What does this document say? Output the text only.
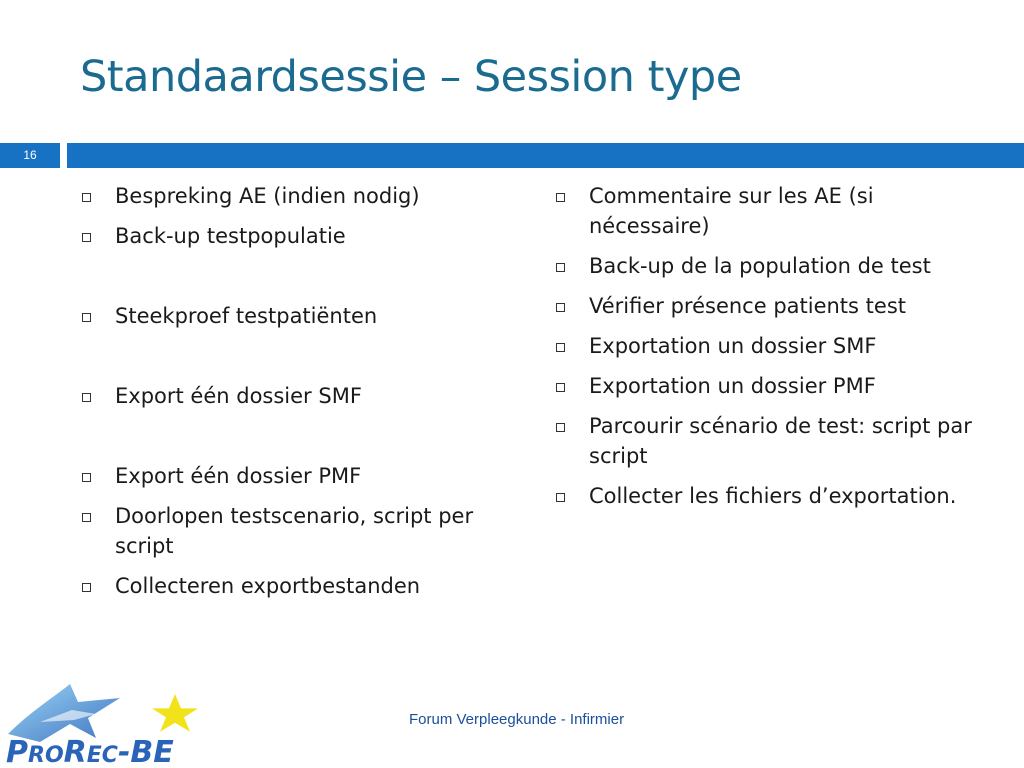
Standaardsessie – Session type
16
Bespreking AE (indien nodig)
Back-up testpopulatie
Steekproef testpatiënten
Export één dossier SMF
Export één dossier PMF
Doorlopen testscenario, script per script
Collecteren exportbestanden
Commentaire sur les AE (si nécessaire)
Back-up de la population de test
Vérifier présence patients test
Exportation un dossier SMF
Exportation un dossier PMF
Parcourir scénario de test: script par script
Collecter les fichiers d’exportation.
Forum Verpleegkunde - Infirmier
PROREC-BE
